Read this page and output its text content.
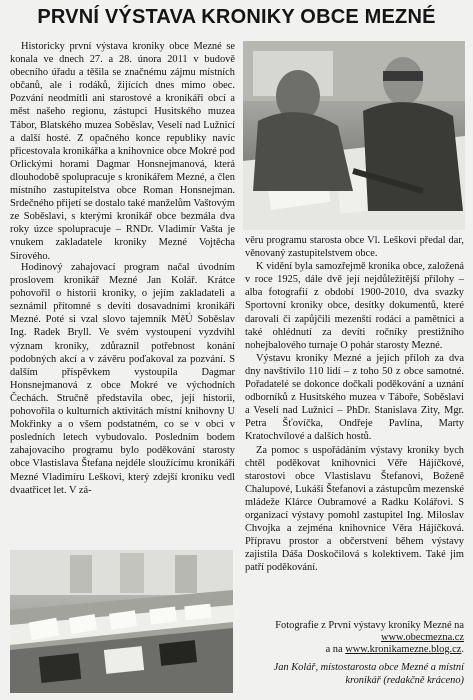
PRVNÍ VÝSTAVA KRONIKY OBCE MEZNÉ

Historicky první výstava kroniky obce Mezné se konala ve dnech 27. a 28. února 2011 v budově obecního úřadu a těšila se značnému zájmu místních občanů, ale i rodáků, žijících dnes mimo obec. Pozvání neodmítli ani starostové a kronikáři obcí a měst našeho regionu, zástupci Husitského muzea Tábor, Blatského muzea Soběslav, Veselí nad Lužnicí a další hosté. Z opačného konce republiky navíc přicestovala kronikářka a knihovnice obce Mokré pod Orlickými horami Dagmar Honsnejmanová, která dlouhodobě spolupracuje s kronikářem Mezné, a člen místního zastupitelstva obce Roman Honsnejman. Srdečného přijetí se dostalo také manželům Vaštovým ze Soběslavi, s kterými kronikář obce bezmála dva roky úzce spolupracuje – RNDr. Vladimír Vašta je vnukem zakladatele kroniky Mezné Vojtěcha Sirového.

Hodinový zahajovací program načal úvodním proslovem kronikář Mezné Jan Kolář. Krátce pohovořil o historii kroniky, o jejím zakladateli a seznámil přítomné s devíti dosavadními kronikáři Mezné. Poté si vzal slovo tajemník MěÚ Soběslav Ing. Radek Bryll. Ve svém vystoupení vyzdvihl význam kroniky, zdůraznil potřebnost konání podobných akcí a v závěru poďakoval za pozvání. S dalším příspěvkem vystoupila Dagmar Honsnejmanová z obce Mokré ve východních Čechách. Stručně představila obec, její historii, pohovořila o kulturních aktivitách místní knihovny U Mokřinky a o všem podstatném, co se v obci v posledních letech vybudovalo. Posledním bodem zahajovacího programu bylo poděkování starosty obce Vlastislava Štefana nejdéle sloužícímu kronikáři Mezné Vladimíru Leškovi, který zdejší kroniku vedl dvaatřicet let. V zá-

věru programu starosta obce Vl. Leškovi předal dar, věnovaný zastupitelstvem obce.

K vidění byla samozřejmě kronika obce, založená v roce 1925, dále dvě její nejdůležitější přílohy – alba fotografií z období 1900-2010, dva svazky Sportovní kroniky obce, desítky dokumentů, které darovali či zapůjčili mezenští rodáci a pamětníci a také ohlédnutí za devíti ročníky prestižního nohejbalového turnaje O pohár starosty Mezné.

Výstavu kroniky Mezné a jejích příloh za dva dny navštívilo 110 lidí – z toho 50 z obce samotné. Pořadatelé se dokonce dočkali poděkování a uznání odborníků z Husitského muzea v Táboře, Soběslavi a Veselí nad Lužnicí – PhDr. Stanislava Zity, Mgr. Petra Šťovíčka, Ondřeje Pavlína, Marty Kratochvílové a dalších hostů.

Za pomoc s uspořádáním výstavy kroniky bych chtěl poděkovat knihovnici Věře Hájíčkové, starostovi obce Vlastislavu Štefanovi, Boženě Chalupové, Lukáši Štefanovi a zástupcům mezenské mládeže Klárce Oubramové a Radku Kolářovi. S organizací výstavy pomohl zastupitel Ing. Miloslav Chvojka a zejména knihovnice Věra Hájíčková. Přípravu prostor a občerstvení během výstavy zajistila Dáša Doskočilová s kolektivem. Také jim patří poděkování.

Fotografie z První výstavy kroniky Mezné na
www.obecmezna.cz
a na www.kronikamezne.blog.cz.
Jan Kolář, místostarosta obce Mezné a místní kronikář (redakčně kráceno)
